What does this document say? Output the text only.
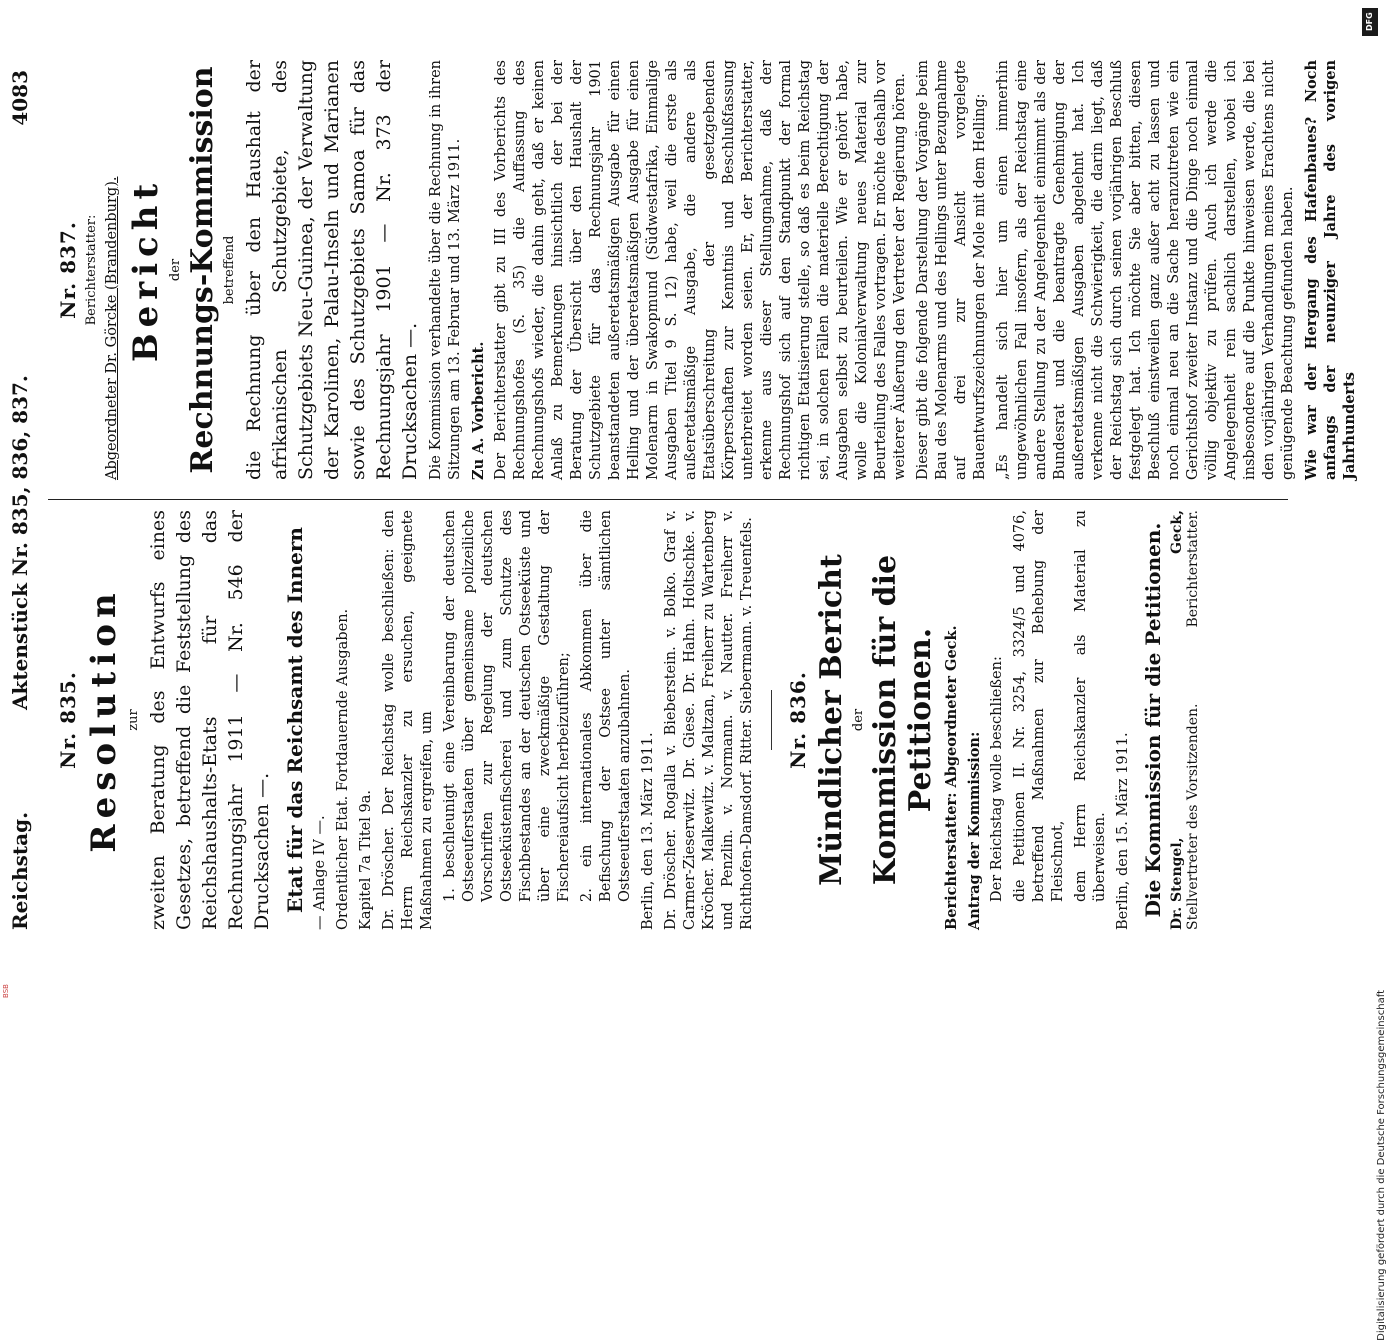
Reichstag.
Aktenstück Nr. 835, 836, 837.
4083
Nr. 835. Resolution zur zweiten Beratung des Entwurfs eines Gesetzes, betreffend die Feststellung des Reichshaushalts-Etats für das Rechnungsjahr 1911 — Nr. 546 der Drucksachen —. Etat für das Reichsamt des Innern — Anlage IV —. Ordentlicher Etat. Fortdauernde Ausgaben. Kapitel 7a Titel 9a. Dr. Dröscher. Der Reichstag wolle beschließen: den Herrn Reichskanzler zu ersuchen, geeignete Maßnahmen zu ergreifen, um 1. beschleunigt eine Vereinbarung der deutschen Ostseeuferstaaten über gemeinsame polizeiliche Vorschriften zur Regelung der deutschen Ostseeküstenfischerei und zum Schutze des Fischbestandes an der deutschen Ostseeküste und über eine zweckmäßige Gestaltung der Fischereiaufsicht herbeizuführen; 2. ein internationales Abkommen über die Befischung der Ostsee unter sämtlichen Ostseeuferstaaten anzubahnen. Berlin, den 13. März 1911. Dr. Dröscher. Rogalla v. Bieberstein. v. Bolko. Graf v. Carmer-Zieserwitz. Dr. Giese. Dr. Hahn. Holtschke. v. Kröcher. Malkewitz. v. Maltzan, Freiherr zu Wartenberg und Penzlin. v. Normann. v. Nautter. Freiherr v. Richthofen-Damsdorf. Ritter. Siebermann. v. Treuenfels. Nr. 836. Mündlicher Bericht der Kommission für die Petitionen. Berichterstatter: Abgeordneter Geck. Antrag der Kommission: Der Reichstag wolle beschließen: die Petitionen II. Nr. 3254, 3324/5 und 4076, betreffend Maßnahmen zur Behebung der Fleischnot, dem Herrn Reichskanzler als Material zu überweisen. Berlin, den 15. März 1911. Die Kommission für die Petitionen. Dr. Stengel, Stellvertreter des Vorsitzenden.
Geck, Berichterstatter.
Nr. 837. Berichterstatter: Abgeordneter Dr. Görcke (Brandenburg). Bericht der Rechnungs-Kommission betreffend die Rechnung über den Haushalt der afrikanischen Schutzgebiete, des Schutzgebiets Neu-Guinea, der Verwaltung der Karolinen, Palau-Inseln und Marianen sowie des Schutzgebiets Samoa für das Rechnungsjahr 1901 — Nr. 373 der Drucksachen —. Die Kommission verhandelte über die Rechnung in ihren Sitzungen am 13. Februar und 13. März 1911. Zu A. Vorbericht. Der Berichterstatter gibt zu III des Vorberichts des Rechnungshofes (S. 35) die Auffassung des Rechnungshofs wieder, die dahin geht, daß er keinen Anlaß zu Bemerkungen hinsichtlich der bei der Beratung der Übersicht über den Haushalt der Schutzgebiete für das Rechnungsjahr 1901 beanstandeten außeretatsmäßigen Ausgabe für einen Helling und der überetatsmäßigen Ausgabe für einen Molenarm in Swakopmund (Südwestafrika, Einmalige Ausgaben Titel 9 S. 12) habe, weil die erste als außeretatsmäßige Ausgabe, die andere als Etatsüberschreitung der gesetzgebenden Körperschaften zur Kenntnis und Beschlußfassung unterbreitet worden seien. Er, der Berichterstatter, erkenne aus dieser Stellungnahme, daß der Rechnungshof sich auf den Standpunkt der formal richtigen Etatisierung stelle, so daß es beim Reichstag sei, in solchen Fällen die materielle Berechtigung der Ausgaben selbst zu beurteilen. Wie er gehört habe, wolle die Kolonialverwaltung neues Material zur Beurteilung des Falles vortragen. Er möchte deshalb vor weiterer Äußerung den Vertreter der Regierung hören. Dieser gibt die folgende Darstellung der Vorgänge beim Bau des Molenarms und des Hellings unter Bezugnahme auf drei zur Ansicht vorgelegte Bauentwurfszeichnungen der Mole mit dem Helling: „Es handelt sich hier um einen immerhin ungewöhnlichen Fall insofern, als der Reichstag eine andere Stellung zu der Angelegenheit einnimmt als der Bundesrat und die beantragte Genehmigung der außeretatsmäßigen Ausgaben abgelehnt hat. Ich verkenne nicht die Schwierigkeit, die darin liegt, daß der Reichstag sich durch seinen vorjährigen Beschluß festgelegt hat. Ich möchte Sie aber bitten, diesen Beschluß einstweilen ganz außer acht zu lassen und noch einmal neu an die Sache heranzutreten wie ein Gerichtshof zweiter Instanz und die Dinge noch einmal völlig objektiv zu prüfen. Auch ich werde die Angelegenheit rein sachlich darstellen, wobei ich insbesondere auf die Punkte hinweisen werde, die bei den vorjährigen Verhandlungen meines Erachtens nicht genügende Beachtung gefunden haben. Wie war der Hergang des Hafenbaues? Noch anfangs der neunziger Jahre des vorigen Jahrhunderts
DFG
Digitalisierung gefördert durch die Deutsche Forschungsgemeinschaft
BSB
